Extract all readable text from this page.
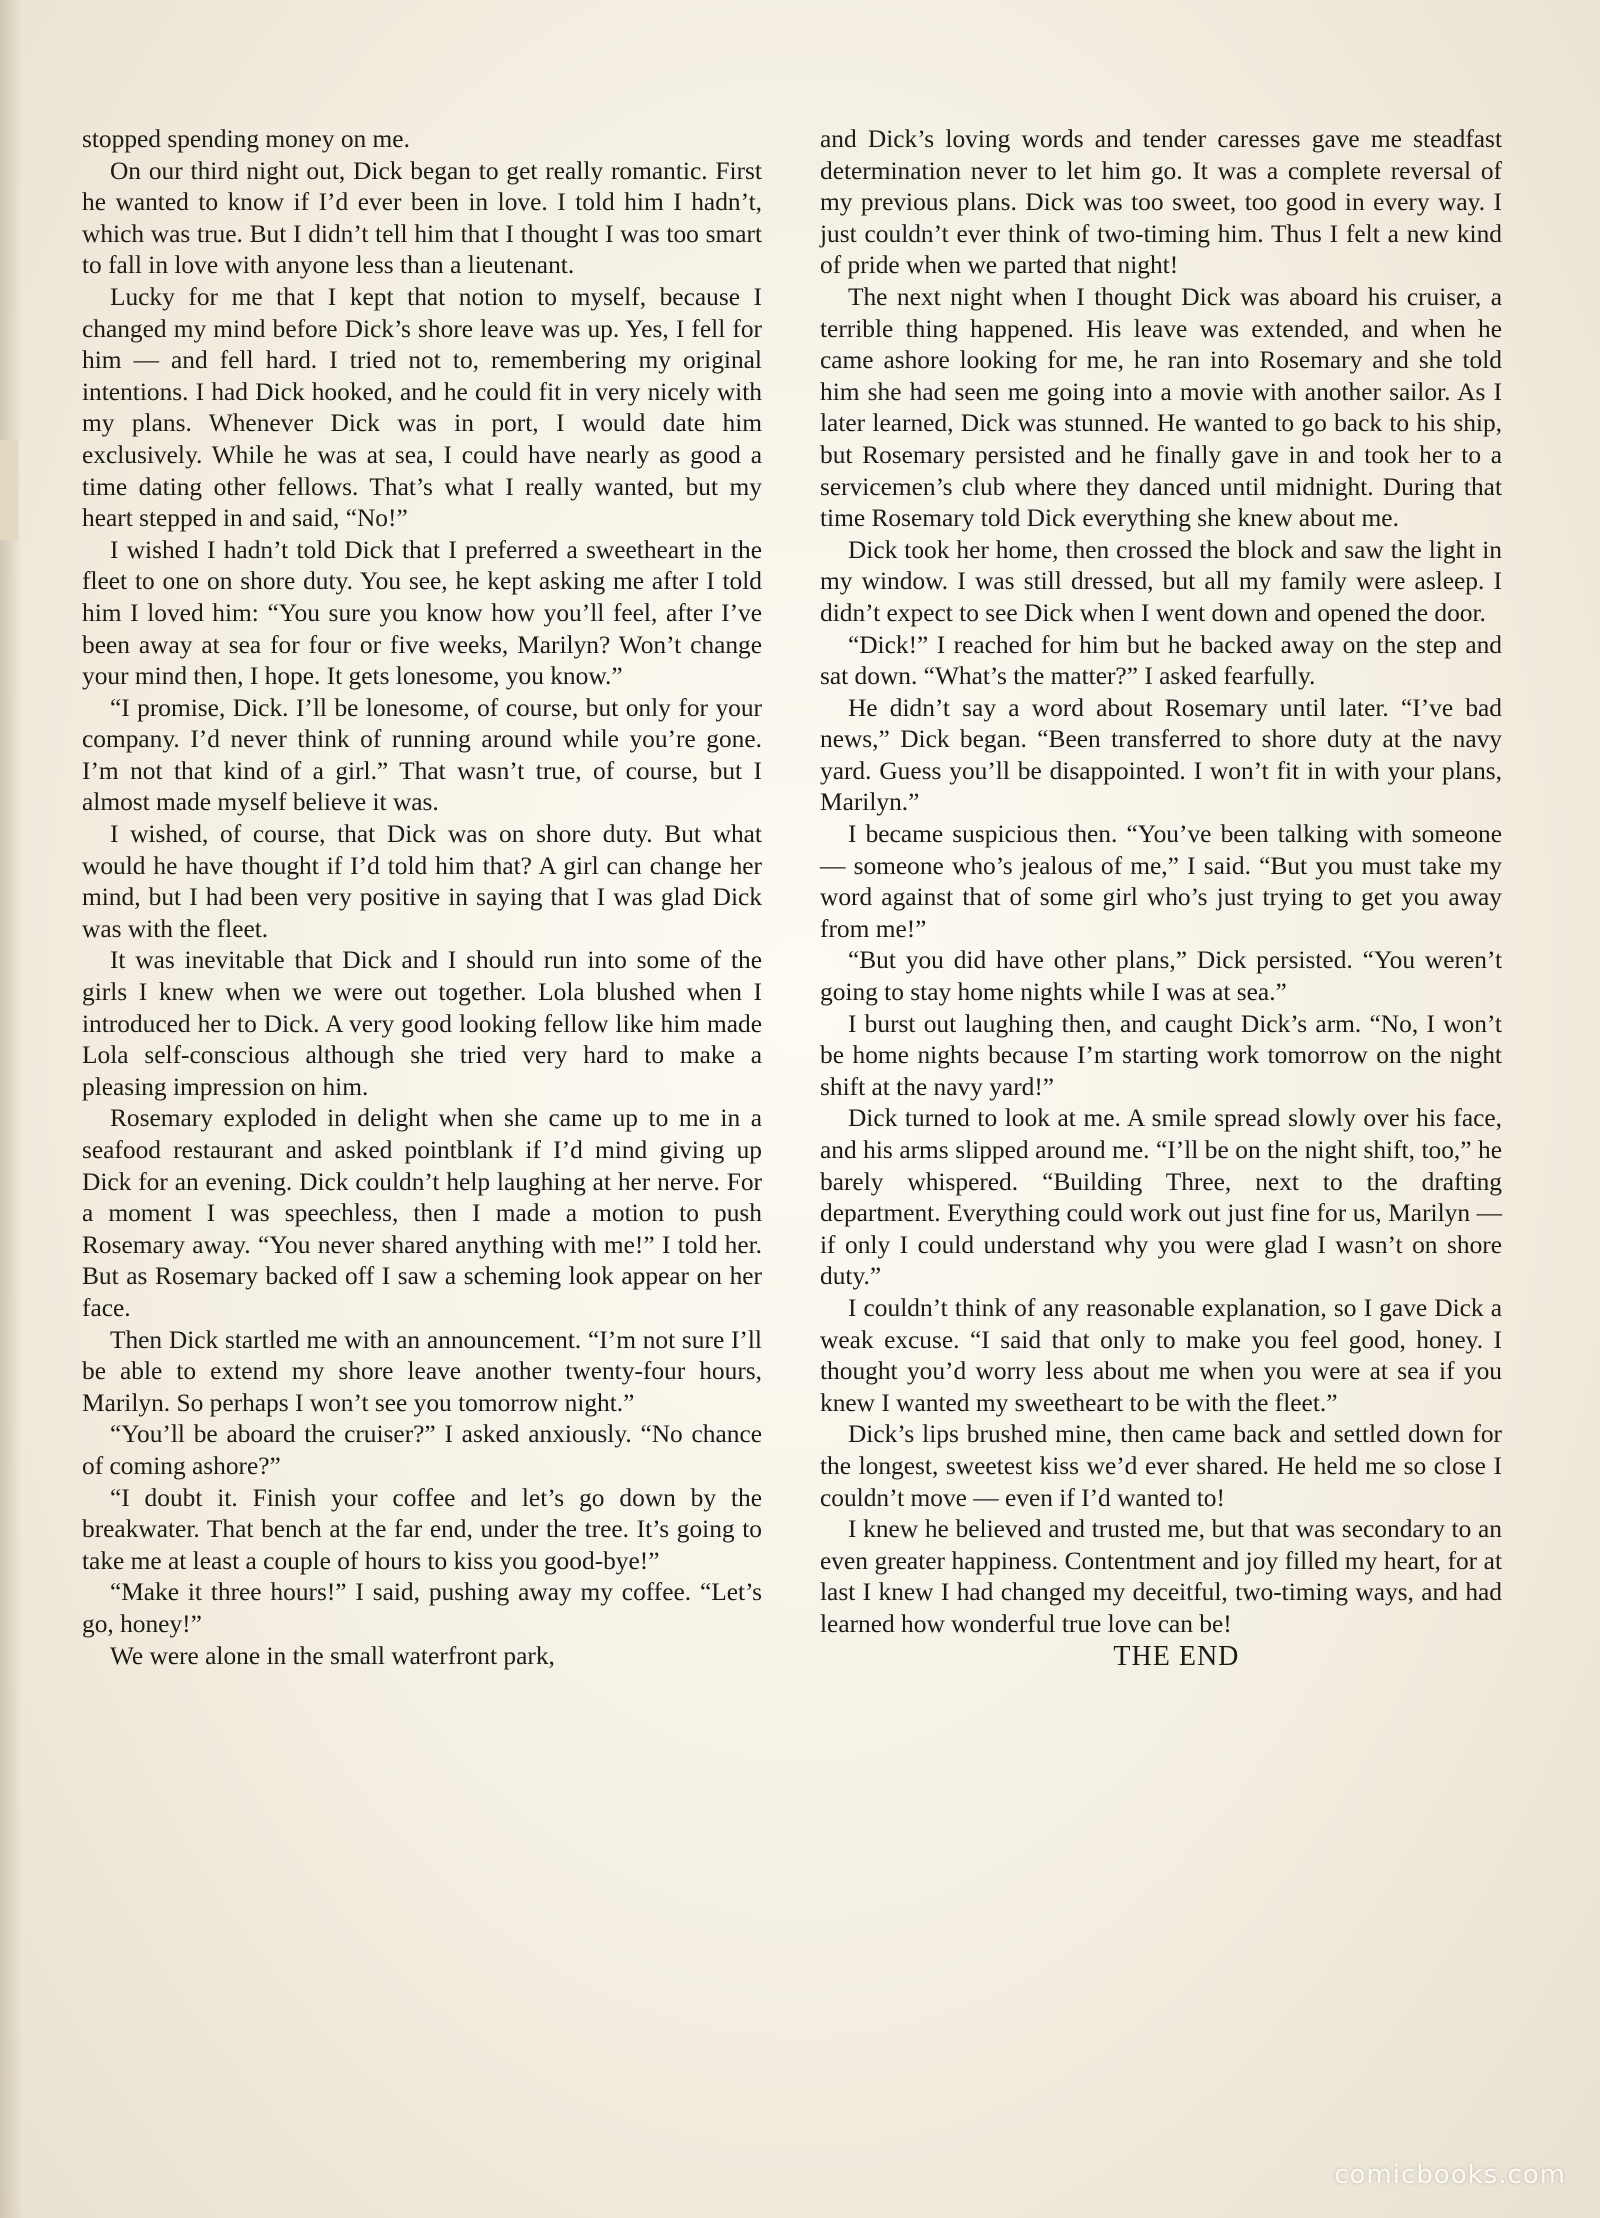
stopped spending money on me.

On our third night out, Dick began to get really romantic. First he wanted to know if I’d ever been in love. I told him I hadn’t, which was true. But I didn’t tell him that I thought I was too smart to fall in love with anyone less than a lieutenant.

Lucky for me that I kept that notion to myself, because I changed my mind before Dick’s shore leave was up. Yes, I fell for him — and fell hard. I tried not to, remembering my original intentions. I had Dick hooked, and he could fit in very nicely with my plans. Whenever Dick was in port, I would date him exclusively. While he was at sea, I could have nearly as good a time dating other fellows. That’s what I really wanted, but my heart stepped in and said, “No!”

I wished I hadn’t told Dick that I preferred a sweetheart in the fleet to one on shore duty. You see, he kept asking me after I told him I loved him: “You sure you know how you’ll feel, after I’ve been away at sea for four or five weeks, Marilyn? Won’t change your mind then, I hope. It gets lonesome, you know.”

“I promise, Dick. I’ll be lonesome, of course, but only for your company. I’d never think of running around while you’re gone. I’m not that kind of a girl.” That wasn’t true, of course, but I almost made myself believe it was.

I wished, of course, that Dick was on shore duty. But what would he have thought if I’d told him that? A girl can change her mind, but I had been very positive in saying that I was glad Dick was with the fleet.

It was inevitable that Dick and I should run into some of the girls I knew when we were out together. Lola blushed when I introduced her to Dick. A very good looking fellow like him made Lola self-conscious although she tried very hard to make a pleasing impression on him.

Rosemary exploded in delight when she came up to me in a seafood restaurant and asked pointblank if I’d mind giving up Dick for an evening. Dick couldn’t help laughing at her nerve. For a moment I was speechless, then I made a motion to push Rosemary away. “You never shared anything with me!” I told her. But as Rosemary backed off I saw a scheming look appear on her face.

Then Dick startled me with an announcement. “I’m not sure I’ll be able to extend my shore leave another twenty-four hours, Marilyn. So perhaps I won’t see you tomorrow night.”

“You’ll be aboard the cruiser?” I asked anxiously. “No chance of coming ashore?”

“I doubt it. Finish your coffee and let’s go down by the breakwater. That bench at the far end, under the tree. It’s going to take me at least a couple of hours to kiss you good-bye!”

“Make it three hours!” I said, pushing away my coffee. “Let’s go, honey!”

We were alone in the small waterfront park,

and Dick’s loving words and tender caresses gave me steadfast determination never to let him go. It was a complete reversal of my previous plans. Dick was too sweet, too good in every way. I just couldn’t ever think of two-timing him. Thus I felt a new kind of pride when we parted that night!

The next night when I thought Dick was aboard his cruiser, a terrible thing happened. His leave was extended, and when he came ashore looking for me, he ran into Rosemary and she told him she had seen me going into a movie with another sailor. As I later learned, Dick was stunned. He wanted to go back to his ship, but Rosemary persisted and he finally gave in and took her to a servicemen’s club where they danced until midnight. During that time Rosemary told Dick everything she knew about me.

Dick took her home, then crossed the block and saw the light in my window. I was still dressed, but all my family were asleep. I didn’t expect to see Dick when I went down and opened the door.

“Dick!” I reached for him but he backed away on the step and sat down. “What’s the matter?” I asked fearfully.

He didn’t say a word about Rosemary until later. “I’ve bad news,” Dick began. “Been transferred to shore duty at the navy yard. Guess you’ll be disappointed. I won’t fit in with your plans, Marilyn.”

I became suspicious then. “You’ve been talking with someone — someone who’s jealous of me,” I said. “But you must take my word against that of some girl who’s just trying to get you away from me!”

“But you did have other plans,” Dick persisted. “You weren’t going to stay home nights while I was at sea.”

I burst out laughing then, and caught Dick’s arm. “No, I won’t be home nights because I’m starting work tomorrow on the night shift at the navy yard!”

Dick turned to look at me. A smile spread slowly over his face, and his arms slipped around me. “I’ll be on the night shift, too,” he barely whispered. “Building Three, next to the drafting department. Everything could work out just fine for us, Marilyn — if only I could understand why you were glad I wasn’t on shore duty.”

I couldn’t think of any reasonable explanation, so I gave Dick a weak excuse. “I said that only to make you feel good, honey. I thought you’d worry less about me when you were at sea if you knew I wanted my sweetheart to be with the fleet.”

Dick’s lips brushed mine, then came back and settled down for the longest, sweetest kiss we’d ever shared. He held me so close I couldn’t move — even if I’d wanted to!

I knew he believed and trusted me, but that was secondary to an even greater happiness. Contentment and joy filled my heart, for at last I knew I had changed my deceitful, two-timing ways, and had learned how wonderful true love can be!

THE END

comicbooks.com
